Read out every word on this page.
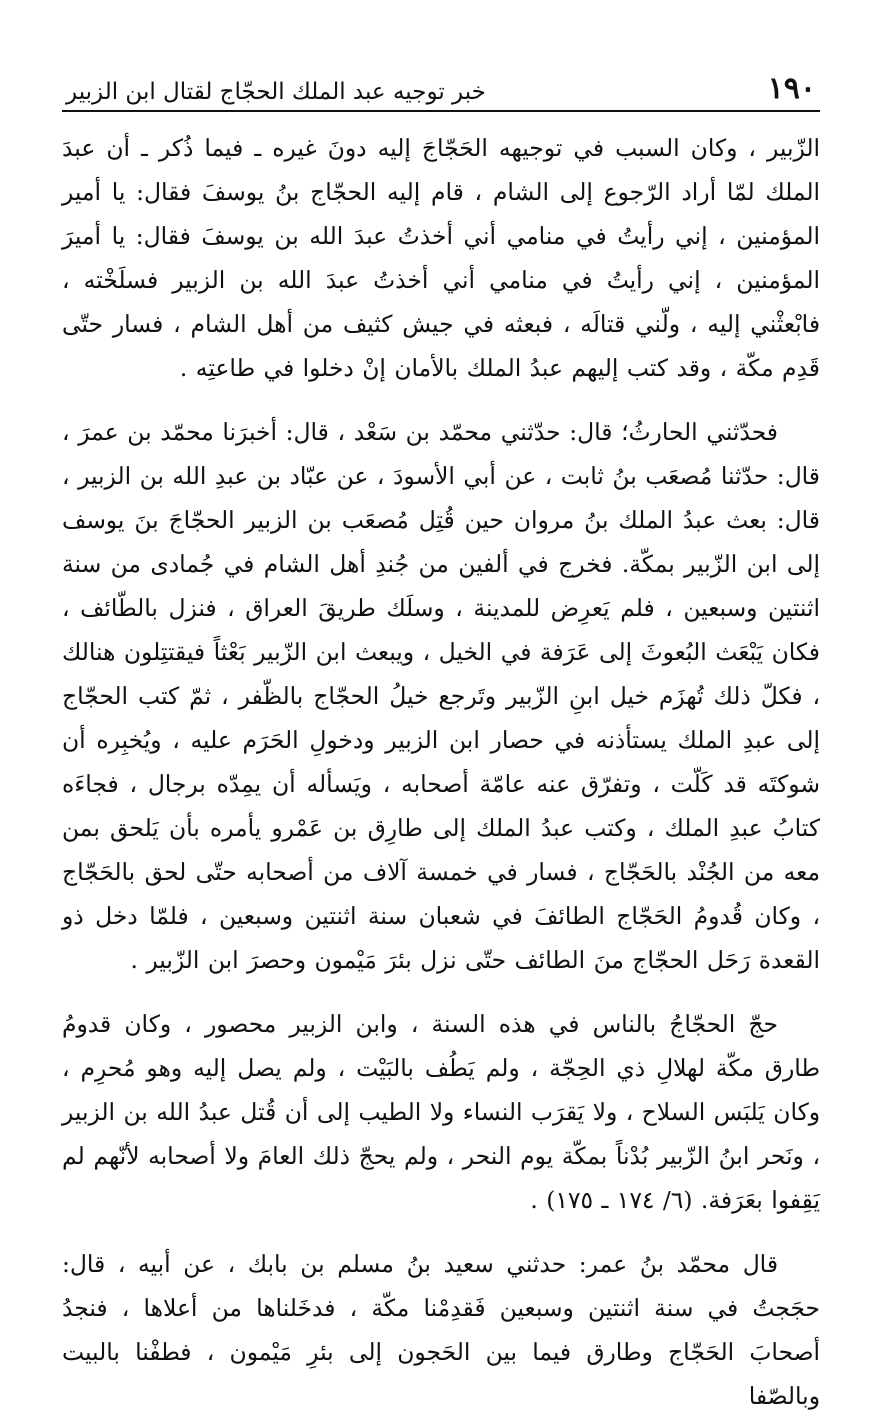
١٩٠
خبر توجيه عبد الملك الحجّاج لقتال ابن الزبير

الزّبير ، وكان السبب في توجيهه الحَجّاجَ إليه دونَ غيره ـ فيما ذُكر ـ أن عبدَ الملك لمّا أراد الرّجوع إلى الشام ، قام إليه الحجّاج بنُ يوسفَ فقال: يا أمير المؤمنين ، إني رأيتُ في منامي أني أخذتُ عبدَ الله بن يوسفَ فقال: يا أميرَ المؤمنين ، إني رأيتُ في منامي أني أخذتُ عبدَ الله بن الزبير فسلَخْته ، فابْعثْني إليه ، ولّني قتالَه ، فبعثه في جيش كثيف من أهل الشام ، فسار حتّى قَدِم مكّة ، وقد كتب إليهم عبدُ الملك بالأمان إنْ دخلوا في طاعتِه .

فحدّثني الحارثُ؛ قال: حدّثني محمّد بن سَعْد ، قال: أخبرَنا محمّد بن عمرَ ، قال: حدّثنا مُصعَب بنُ ثابت ، عن أبي الأسودَ ، عن عبّاد بن عبدِ الله بن الزبير ، قال: بعث عبدُ الملك بنُ مروان حين قُتِل مُصعَب بن الزبير الحجّاجَ بنَ يوسف إلى ابن الزّبير بمكّة. فخرج في ألفين من جُندِ أهل الشام في جُمادى من سنة اثنتين وسبعين ، فلم يَعرِض للمدينة ، وسلَك طريقَ العراق ، فنزل بالطّائف ، فكان يَبْعَث البُعوثَ إلى عَرَفة في الخيل ، ويبعث ابن الزّبير بَعْثاً فيقتتِلون هنالك ، فكلّ ذلك تُهزَم خيل ابنِ الزّبير وتَرجع خيلُ الحجّاج بالظّفر ، ثمّ كتب الحجّاج إلى عبدِ الملك يستأذنه في حصار ابن الزبير ودخولِ الحَرَم عليه ، ويُخبِره أن شوكتَه قد كَلّت ، وتفرّق عنه عامّة أصحابه ، ويَسأله أن يمِدّه برجال ، فجاءَه كتابُ عبدِ الملك ، وكتب عبدُ الملك إلى طارِق بن عَمْرو يأمره بأن يَلحق بمن معه من الجُنْد بالحَجّاج ، فسار في خمسة آلاف من أصحابه حتّى لحق بالحَجّاج ، وكان قُدومُ الحَجّاج الطائفَ في شعبان سنة اثنتين وسبعين ، فلمّا دخل ذو القعدة رَحَل الحجّاج منَ الطائف حتّى نزل بئرَ مَيْمون وحصرَ ابن الزّبير .

حجّ الحجّاجُ بالناس في هذه السنة ، وابن الزبير محصور ، وكان قدومُ طارق مكّة لهلالِ ذي الحِجّة ، ولم يَطُف بالبَيْت ، ولم يصل إليه وهو مُحرِم ، وكان يَلبَس السلاح ، ولا يَقرَب النساء ولا الطيب إلى أن قُتل عبدُ الله بن الزبير ، ونَحر ابنُ الزّبير بُدْناً بمكّة يوم النحر ، ولم يحجّ ذلك العامَ ولا أصحابه لأنّهم لم يَقِفوا بعَرَفة. (٦/ ١٧٤ ـ ١٧٥) .

قال محمّد بنُ عمر: حدثني سعيد بنُ مسلم بن بابك ، عن أبيه ، قال: حجَجتُ في سنة اثنتين وسبعين فَقدِمْنا مكّة ، فدخَلناها من أعلاها ، فنجدُ أصحابَ الحَجّاج وطارق فيما بين الحَجون إلى بئرِ مَيْمون ، فطفْنا بالبيت وبالصّفا
